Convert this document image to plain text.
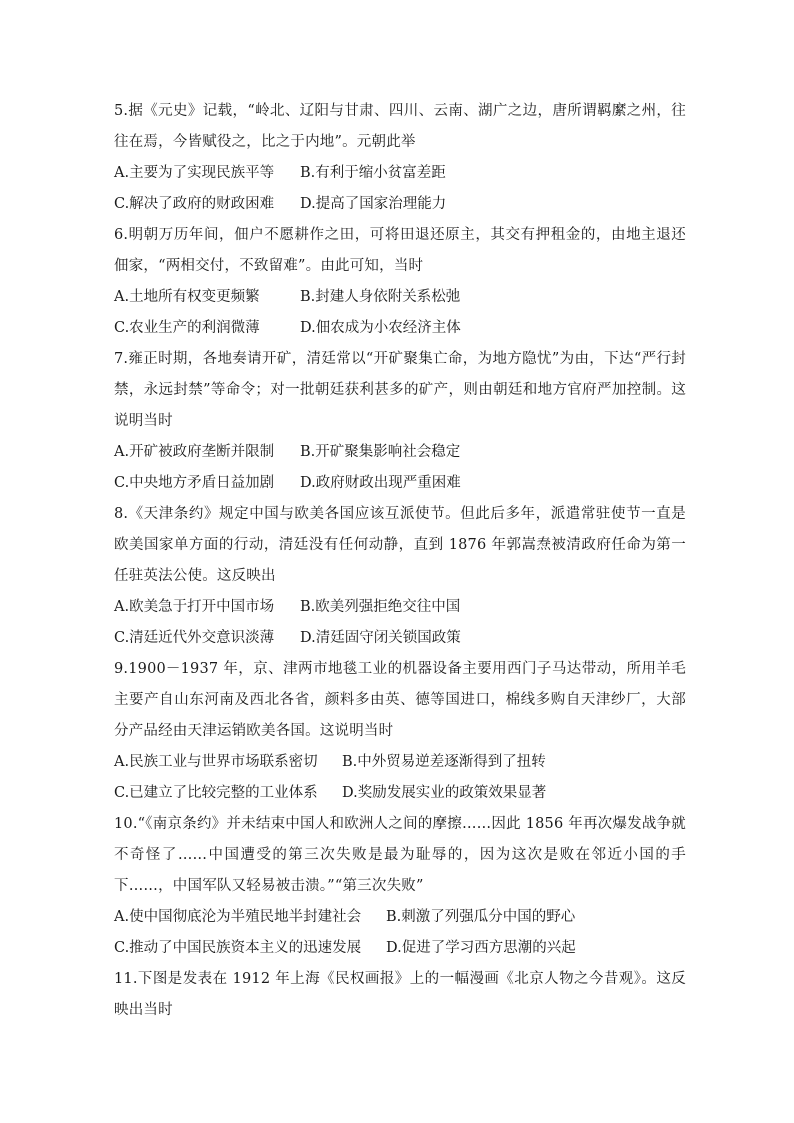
5.据《元史》记载，“岭北、辽阳与甘肃、四川、云南、湖广之边，唐所谓羁縻之州，往往在焉，今皆赋役之，比之于内地”。元朝此举

A.主要为了实现民族平等	B.有利于缩小贫富差距
C.解决了政府的财政困难	D.提高了国家治理能力

6.明朝万历年间，佃户不愿耕作之田，可将田退还原主，其交有押租金的，由地主退还佃家，“两相交付，不致留难”。由此可知，当时

A.土地所有权变更频繁	B.封建人身依附关系松弛
C.农业生产的利润微薄	D.佃农成为小农经济主体

7.雍正时期，各地奏请开矿，清廷常以“开矿聚集亡命，为地方隐忧”为由，下达“严行封禁，永远封禁”等命令；对一批朝廷获利甚多的矿产，则由朝廷和地方官府严加控制。这说明当时

A.开矿被政府垄断并限制	B.开矿聚集影响社会稳定
C.中央地方矛盾日益加剧	D.政府财政出现严重困难

8.《天津条约》规定中国与欧美各国应该互派使节。但此后多年，派遣常驻使节一直是欧美国家单方面的行动，清廷没有任何动静，直到 1876 年郭嵩焘被清政府任命为第一任驻英法公使。这反映出

A.欧美急于打开中国市场	B.欧美列强拒绝交往中国
C.清廷近代外交意识淡薄	D.清廷固守闭关锁国政策

9.1900－1937 年，京、津两市地毯工业的机器设备主要用西门子马达带动，所用羊毛主要产自山东河南及西北各省，颜料多由英、德等国进口，棉线多购自天津纱厂，大部分产品经由天津运销欧美各国。这说明当时

A.民族工业与世界市场联系密切	B.中外贸易逆差逐渐得到了扭转
C.已建立了比较完整的工业体系	D.奖励发展实业的政策效果显著

10.“《南京条约》并未结束中国人和欧洲人之间的摩擦……因此 1856 年再次爆发战争就不奇怪了……中国遭受的第三次失败是最为耻辱的，因为这次是败在邻近小国的手下……，中国军队又轻易被击溃。”“第三次失败”

A.使中国彻底沦为半殖民地半封建社会	B.刺激了列强瓜分中国的野心
C.推动了中国民族资本主义的迅速发展	D.促进了学习西方思潮的兴起

11.下图是发表在 1912 年上海《民权画报》上的一幅漫画《北京人物之今昔观》。这反映出当时
